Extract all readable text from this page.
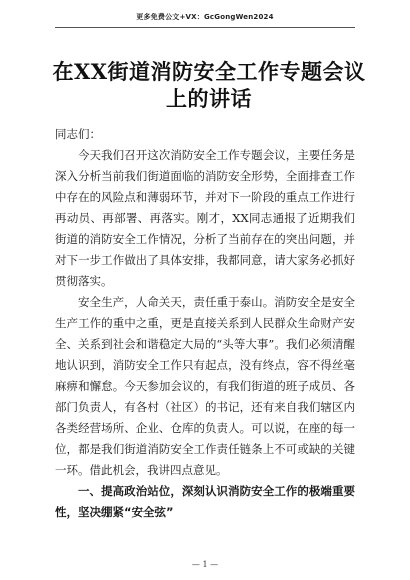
更多免费公文+VX：GcGongWen2024
在XX街道消防安全工作专题会议上的讲话

同志们：

今天我们召开这次消防安全工作专题会议，主要任务是深入分析当前我们街道面临的消防安全形势，全面排查工作中存在的风险点和薄弱环节，并对下一阶段的重点工作进行再动员、再部署、再落实。刚才，XX同志通报了近期我们街道的消防安全工作情况，分析了当前存在的突出问题，并对下一步工作做出了具体安排，我都同意，请大家务必抓好贯彻落实。

安全生产，人命关天，责任重于泰山。消防安全是安全生产工作的重中之重，更是直接关系到人民群众生命财产安全、关系到社会和谐稳定大局的“头等大事”。我们必须清醒地认识到，消防安全工作只有起点，没有终点，容不得丝毫麻痹和懈怠。今天参加会议的，有我们街道的班子成员、各部门负责人，有各村（社区）的书记，还有来自我们辖区内各类经营场所、企业、仓库的负责人。可以说，在座的每一位，都是我们街道消防安全工作责任链条上不可或缺的关键一环。借此机会，我讲四点意见。

一、提高政治站位，深刻认识消防安全工作的极端重要性，坚决绷紧“安全弦”

— 1 —
